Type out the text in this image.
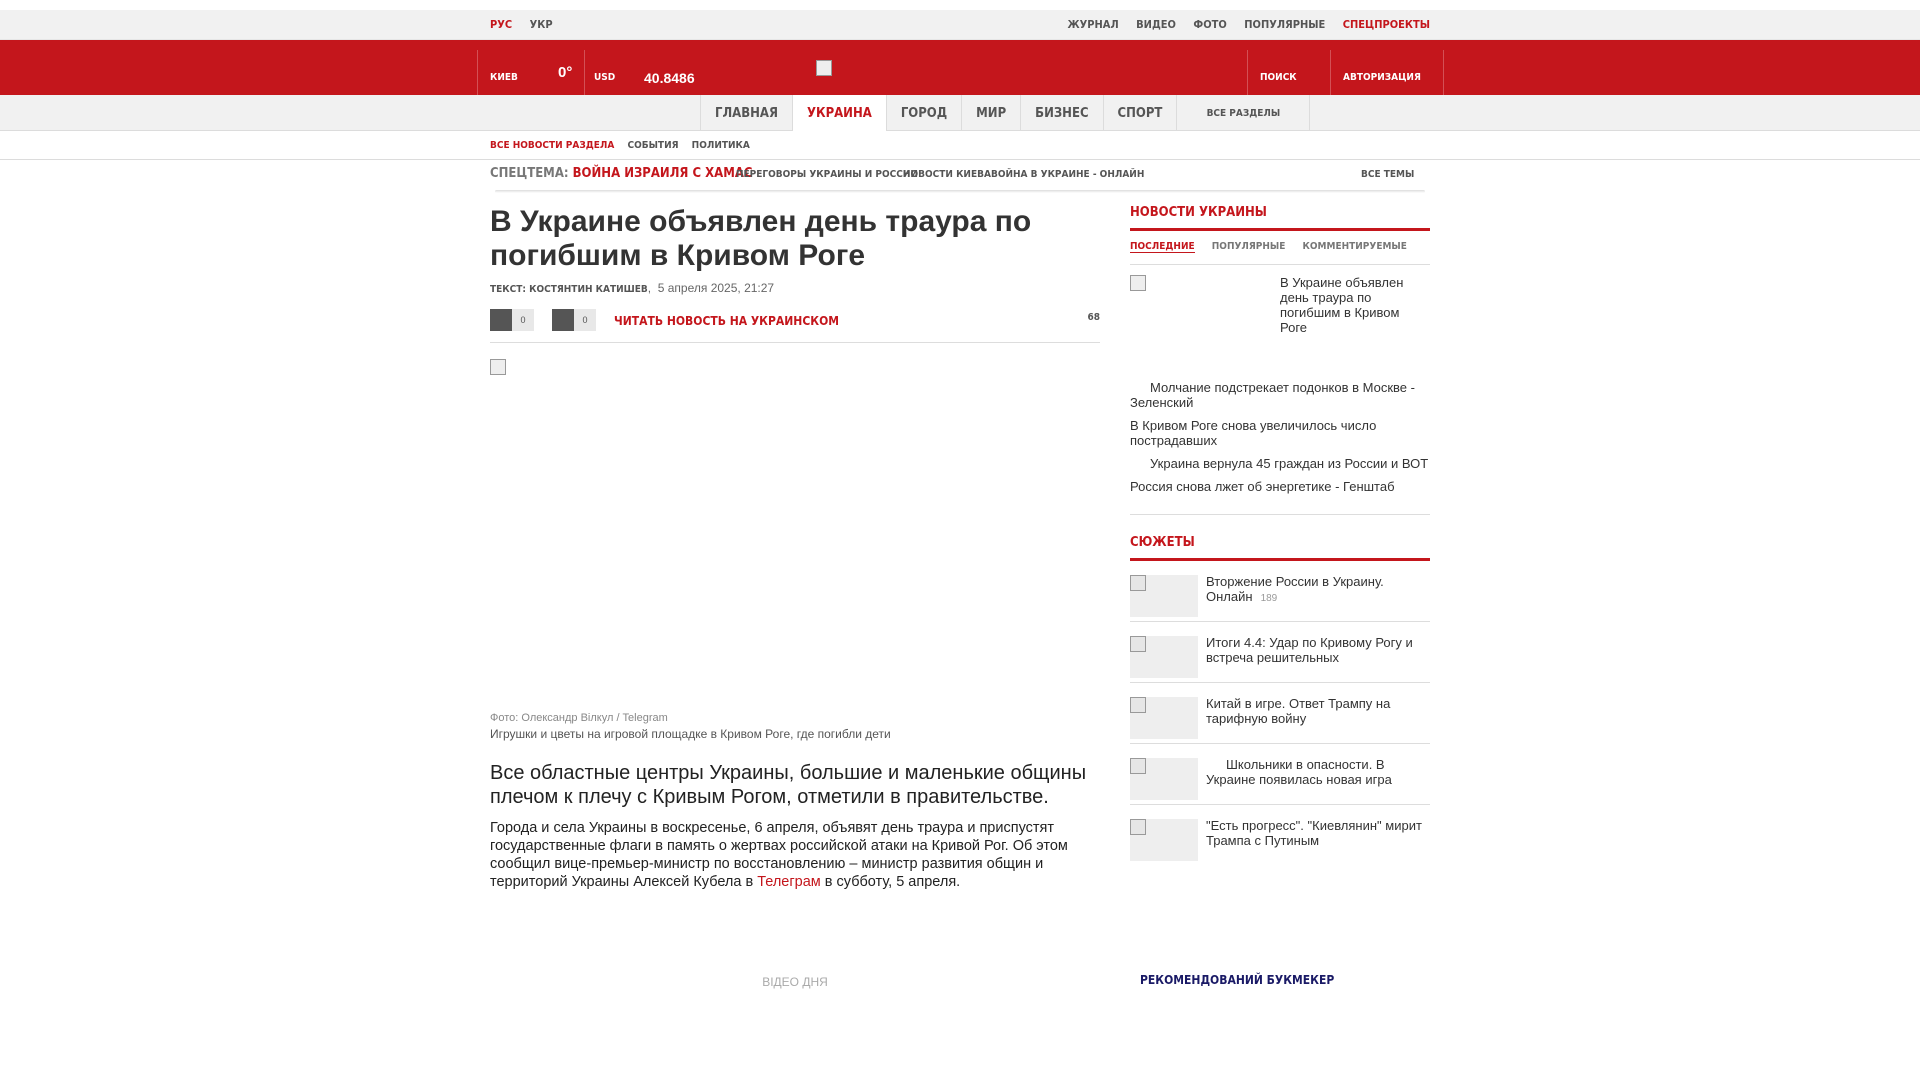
РУС УКР	ЖУРНАЛ ВИДЕО ФОТО ПОПУЛЯРНЫЕ СПЕЦПРОЕКТЫ
КИЕВ	0° USD 40.8486	ПОИСК	АВТОРИЗАЦИЯ
ГЛАВНАЯ	УКРАИНА	ГОРОД	МИР	БИЗНЕС	СПОРТ	ВСЕ РАЗДЕЛЫ
ВСЕ НОВОСТИ РАЗДЕЛА СОБЫТИЯ ПОЛИТИКА
СПЕЦТЕМА: ВОЙНА ИЗРАИЛЯ С ХАМАС
ПЕРЕГОВОРЫ УКРАИНЫ И РОССИИ
НОВОСТИ КИЕВА ВОЙНА В УКРАИНЕ - ОНЛАЙН	ВСЕ ТЕМЫ
В Украине объявлен день траура по погибшим в Кривом Роге
ТЕКСТ: КОСТЯНТИН КАТИШЕВ,  5 апреля 2025, 21:27
0	0	ЧИТАТЬ НОВОСТЬ НА УКРАИНСКОМ	68
Фото: Олександр Вілкул / Telegram
Игрушки и цветы на игровой площадке в Кривом Роге, где погибли дети

Все областные центры Украины, большие и маленькие общины плечом к плечу с Кривым Рогом, отметили в правительстве.

Города и села Украины в воскресенье, 6 апреля, объявят день траура и приспустят государственные флаги в память о жертвах российской атаки на Кривой Рог. Об этом сообщил вице-премьер-министр по восстановлению – министр развития общин и территорий Украины Алексей Кубела в Телеграм в субботу, 5 апреля.

ВІДЕО ДНЯ
НОВОСТИ УКРАИНЫ
ПОСЛЕДНИЕ ПОПУЛЯРНЫЕ КОММЕНТИРУЕМЫЕ
В Украине объявлен день траура по погибшим в Кривом Роге
Молчание подстрекает подонков в Москве - Зеленский
В Кривом Роге снова увеличилось число пострадавших
Украина вернула 45 граждан из России и ВОТ
Россия снова лжет об энергетике - Генштаб
СЮЖЕТЫ
Вторжение России в Украину. Онлайн 189
Итоги 4.4: Удар по Кривому Рогу и встреча решительных
Китай в игре. Ответ Трампу на тарифную войну
Школьники в опасности. В Украине появилась новая игра
"Есть прогресс". "Киевлянин" мирит Трампа с Путиным
РЕКОМЕНДОВАНИЙ БУКМЕКЕР
